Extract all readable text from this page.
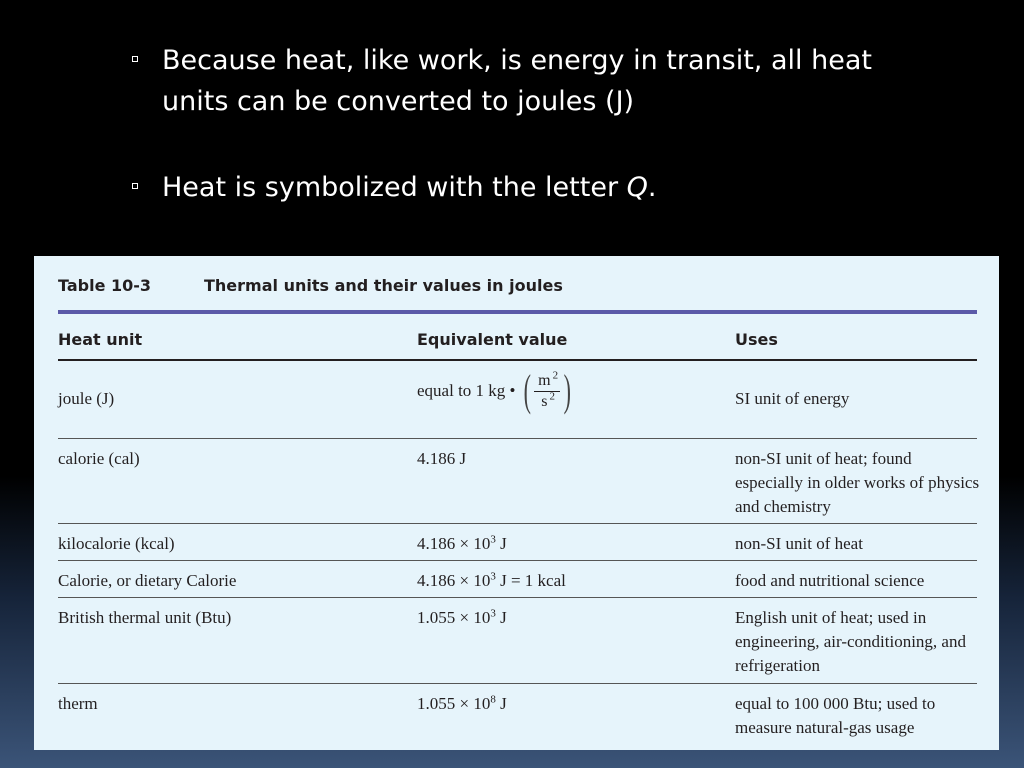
Because heat, like work, is energy in transit, all heat units can be converted to joules (J)
Heat is symbolized with the letter Q.
Table 10-3	Thermal units and their values in joules
Heat unit	Equivalent value	Uses
joule (J)	equal to 1 kg • ( $\frac{m ^2}{s ^2}$ )	SI unit of energy
calorie (cal)	4.186 J	non-SI unit of heat; found especially in older works of physics and chemistry
kilocalorie (kcal)	$4.186 \times 10^3$ J	non-SI unit of heat
Calorie, or dietary Calorie	$4.186 \times 10^3$ J = 1 kcal	food and nutritional science
British thermal unit (Btu)	$1.055 \times 10^3$ J	English unit of heat; used in engineering, air-conditioning, and refrigeration
therm	$1.055 \times 10^8$ J	equal to 100 000 Btu; used to measure natural-gas usage
